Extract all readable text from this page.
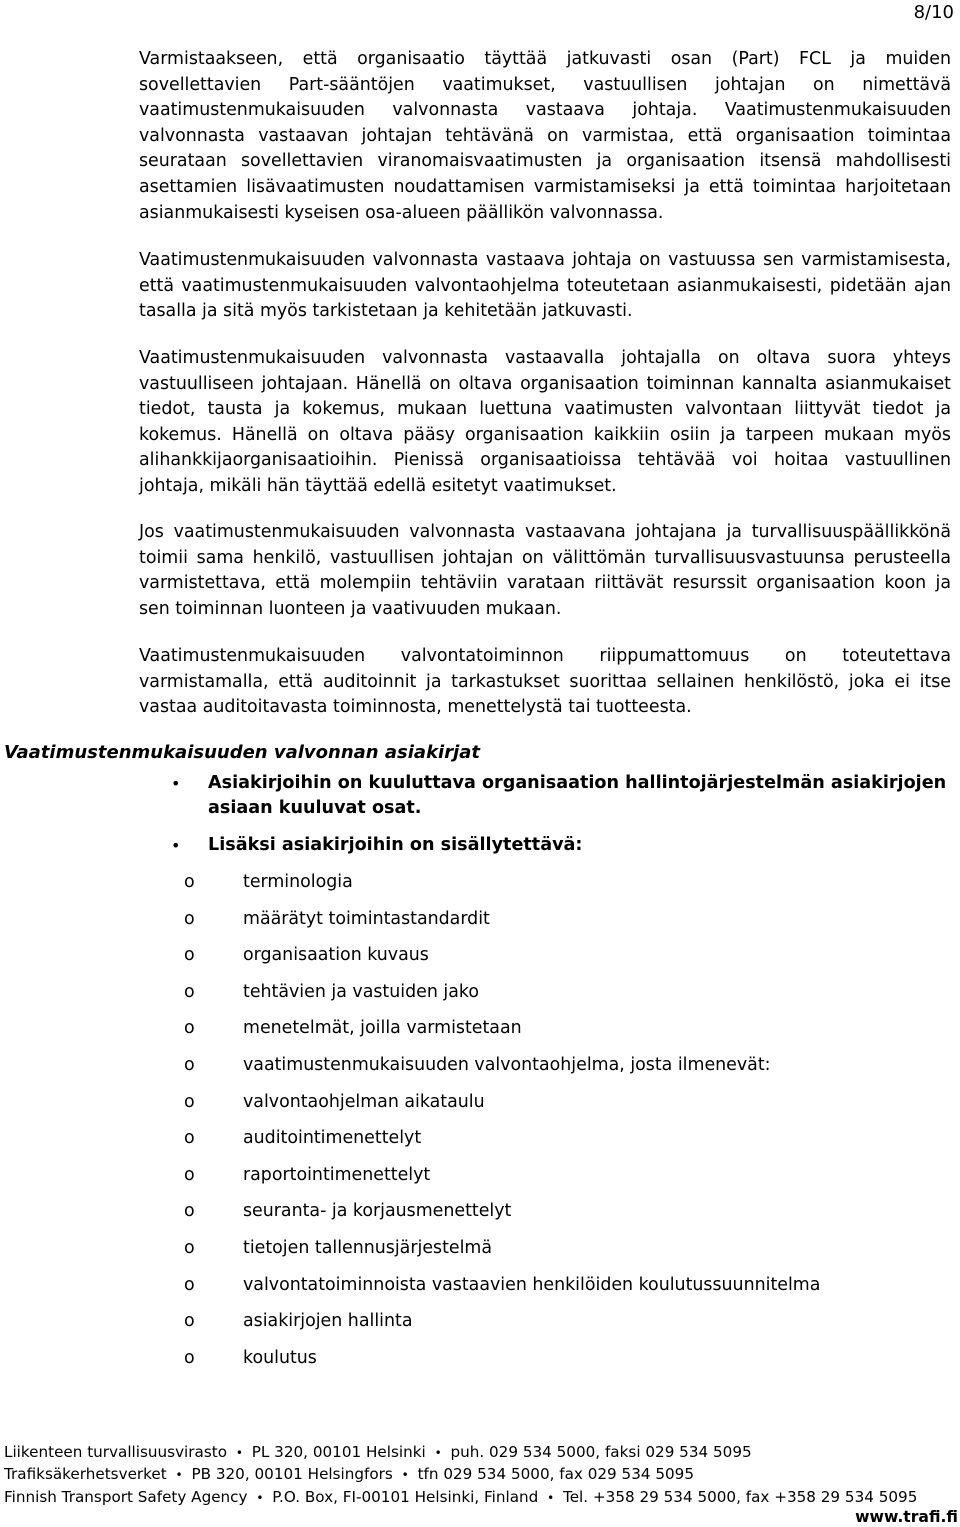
8/10

Varmistaakseen, että organisaatio täyttää jatkuvasti osan (Part) FCL ja muiden sovellettavien Part-sääntöjen vaatimukset, vastuullisen johtajan on nimettävä vaatimustenmukaisuuden valvonnasta vastaava johtaja. Vaatimustenmukaisuuden valvonnasta vastaavan johtajan tehtävänä on varmistaa, että organisaation toimintaa seurataan sovellettavien viranomaisvaatimusten ja organisaation itsensä mahdollisesti asettamien lisävaatimusten noudattamisen varmistamiseksi ja että toimintaa harjoitetaan asianmukaisesti kyseisen osa-alueen päällikön valvonnassa.

Vaatimustenmukaisuuden valvonnasta vastaava johtaja on vastuussa sen varmistamisesta, että vaatimustenmukaisuuden valvontaohjelma toteutetaan asianmukaisesti, pidetään ajan tasalla ja sitä myös tarkistetaan ja kehitetään jatkuvasti.

Vaatimustenmukaisuuden valvonnasta vastaavalla johtajalla on oltava suora yhteys vastuulliseen johtajaan. Hänellä on oltava organisaation toiminnan kannalta asianmukaiset tiedot, tausta ja kokemus, mukaan luettuna vaatimusten valvontaan liittyvät tiedot ja kokemus. Hänellä on oltava pääsy organisaation kaikkiin osiin ja tarpeen mukaan myös alihankkijaorganisaatioihin. Pienissä organisaatioissa tehtävää voi hoitaa vastuullinen johtaja, mikäli hän täyttää edellä esitetyt vaatimukset.

Jos vaatimustenmukaisuuden valvonnasta vastaavana johtajana ja turvallisuuspäällikkönä toimii sama henkilö, vastuullisen johtajan on välittömän turvallisuusvastuunsa perusteella varmistettava, että molempiin tehtäviin varataan riittävät resurssit organisaation koon ja sen toiminnan luonteen ja vaativuuden mukaan.

Vaatimustenmukaisuuden valvontatoiminnon riippumattomuus on toteutettava varmistamalla, että auditoinnit ja tarkastukset suorittaa sellainen henkilöstö, joka ei itse vastaa auditoitavasta toiminnosta, menettelystä tai tuotteesta.

Vaatimustenmukaisuuden valvonnan asiakirjat
• Asiakirjoihin on kuuluttava organisaation hallintojärjestelmän asiakirjojen asiaan kuuluvat osat.
• Lisäksi asiakirjoihin on sisällytettävä:
o	terminologia
o	määrätyt toimintastandardit
o	organisaation kuvaus
o	tehtävien ja vastuiden jako
o	menetelmät, joilla varmistetaan
o	vaatimustenmukaisuuden valvontaohjelma, josta ilmenevät:
o	valvontaohjelman aikataulu
o	auditointimenettelyt
o	raportointimenettelyt
o	seuranta- ja korjausmenettelyt
o	tietojen tallennusjärjestelmä
o	valvontatoiminnoista vastaavien henkilöiden koulutussuunnitelma
o	asiakirjojen hallinta
o	koulutus
Liikenteen turvallisuusvirasto • PL 320, 00101 Helsinki • puh. 029 534 5000, faksi 029 534 5095
Trafiksäkerhetsverket • PB 320, 00101 Helsingfors • tfn 029 534 5000, fax 029 534 5095
Finnish Transport Safety Agency • P.O. Box, FI-00101 Helsinki, Finland • Tel. +358 29 534 5000, fax +358 29 534 5095
www.trafi.fi
